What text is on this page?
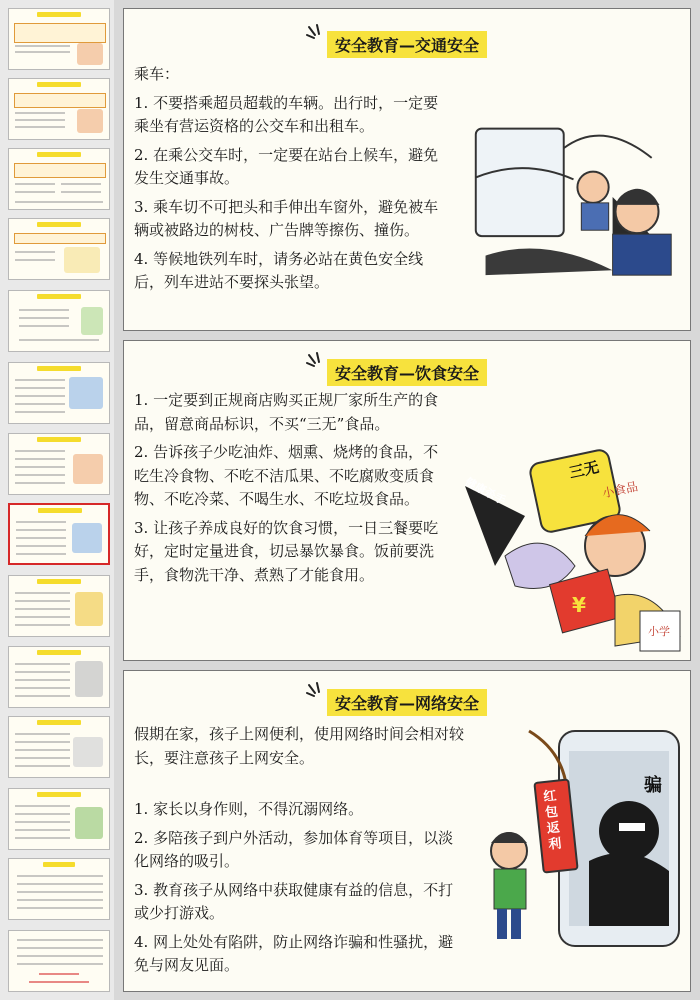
安全教育—交通安全

乘车：

1. 不要搭乘超员超载的车辆。出行时，一定要乘坐有营运资格的公交车和出租车。

2. 在乘公交车时，一定要在站台上候车，避免发生交通事故。

3. 乘车切不可把头和手伸出车窗外，避免被车辆或被路边的树枝、广告牌等擦伤、撞伤。

4. 等候地铁列车时，请务必站在黄色安全线后，列车进站不要探头张望。

安全教育—饮食安全

1. 一定要到正规商店购买正规厂家所生产的食品，留意商品标识，不买“三无”食品。

2. 告诉孩子少吃油炸、烟熏、烧烤的食品，不吃生冷食物、不吃不洁瓜果、不吃腐败变质食物、不吃冷菜、不喝生水、不吃垃圾食品。

3. 让孩子养成良好的饮食习惯，一日三餐要吃好，定时定量进食，切忌暴饮暴食。饭前要洗手，食物洗干净、煮熟了才能食用。

三无
小食品
健康杀手
¥
小学
安全教育—网络安全

假期在家，孩子上网便利，使用网络时间会相对较长，要注意孩子上网安全。

1. 家长以身作则，不得沉溺网络。

2. 多陪孩子到户外活动，参加体育等项目，以淡化网络的吸引。

3. 教育孩子从网络中获取健康有益的信息，不打或少打游戏。

4. 网上处处有陷阱，防止网络诈骗和性骚扰，避免与网友见面。

骗
红包返利
